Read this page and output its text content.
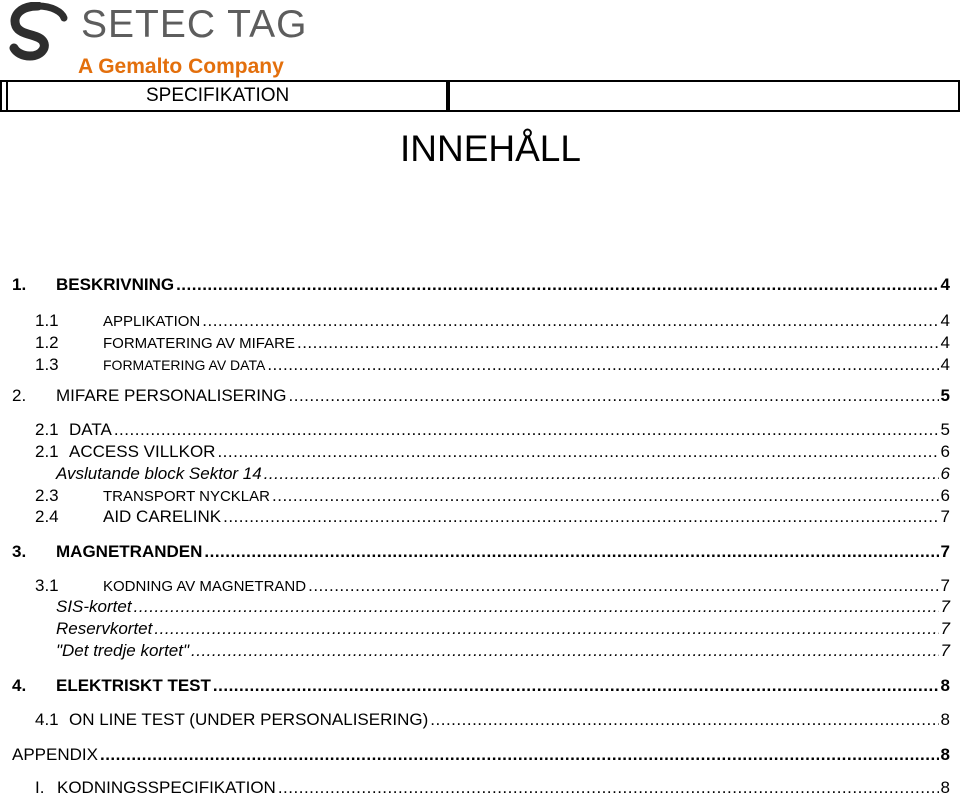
SETEC TAG
A Gemalto Company
SPECIFIKATION
INNEHÅLL
1.	BESKRIVNING .....	4
1.1	APPLIKATION .....	4
1.2	FORMATERING AV MIFARE .....	4
1.3	FORMATERING AV DATA .....	4
2.	MIFARE PERSONALISERING .....	5
2.1 DATA .....	5
2.1 ACCESS VILLKOR .....	6
Avslutande block Sektor 14 .....	6
2.3	TRANSPORT NYCKLAR .....	6
2.4	AID CARELINK .....	7
3.	MAGNETRANDEN .....	7
3.1	KODNING AV MAGNETRAND .....	7
SIS-kortet .....	7
Reservkortet .....	7
"Det tredje kortet" .....	7
4.	ELEKTRISKT TEST .....	8
4.1 ON LINE TEST (UNDER PERSONALISERING) .....	8
APPENDIX .....	8
I. KODNINGSSPECIFIKATION .....	8
